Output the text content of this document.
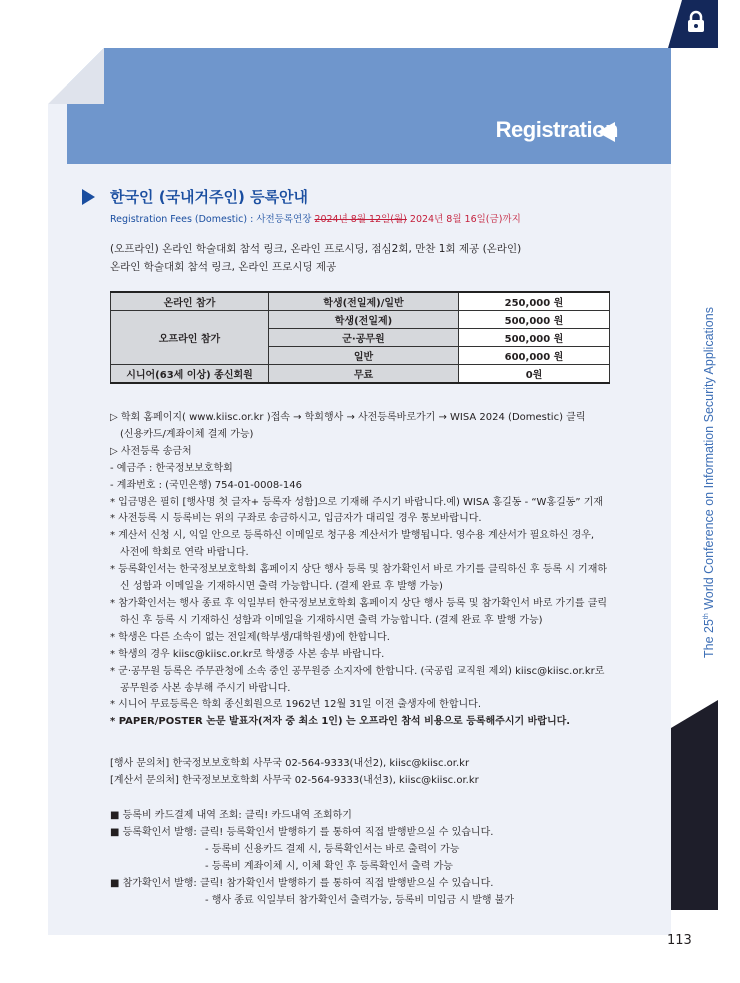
Registration
한국인 (국내거주인) 등록안내
Registration Fees (Domestic) : 사전등록연장 2024년 8월 12일(월) 2024년 8월 16일(금)까지
(오프라인) 온라인 학술대회 참석 링크, 온라인 프로시딩, 점심2회, 만찬 1회 제공 (온라인)
온라인 학술대회 참석 링크, 온라인 프로시딩 제공
온라인 참가	학생(전일제)/일반	250,000 원
오프라인 참가	학생(전일제)	500,000 원
	군·공무원	500,000 원
	일반	600,000 원
시니어(63세 이상) 종신회원	무료	0원

▷ 학회 홈페이지( www.kiisc.or.kr )접속 → 학회행사 → 사전등록바로가기 → WISA 2024 (Domestic) 클릭

(신용카드/계좌이체 결제 가능)

▷ 사전등록 송금처

- 예금주 : 한국정보보호학회

- 계좌번호 : (국민은행) 754-01-0008-146

* 입금명은 필히 [행사명 첫 글자+ 등록자 성함]으로 기재해 주시기 바랍니다.예) WISA 홍길동 - “W홍길동” 기재

* 사전등록 시 등록비는 위의 구좌로 송금하시고, 입금자가 대리일 경우 통보바랍니다.

* 계산서 신청 시, 익일 안으로 등록하신 이메일로 청구용 계산서가 발행됩니다. 영수용 계산서가 필요하신 경우,

사전에 학회로 연락 바랍니다.

* 등록확인서는 한국정보보호학회 홈페이지 상단 행사 등록 및 참가확인서 바로 가기를 클릭하신 후 등록 시 기재하

신 성함과 이메일을 기재하시면 출력 가능합니다. (결제 완료 후 발행 가능)

* 참가확인서는 행사 종료 후 익일부터 한국정보보호학회 홈페이지 상단 행사 등록 및 참가확인서 바로 가기를 클릭

하신 후 등록 시 기재하신 성함과 이메일을 기재하시면 출력 가능합니다. (결제 완료 후 발행 가능)

* 학생은 다른 소속이 없는 전일제(학부생/대학원생)에 한합니다.

* 학생의 경우 kiisc@kiisc.or.kr로 학생증 사본 송부 바랍니다.

* 군·공무원 등록은 주무관청에 소속 중인 공무원증 소지자에 한합니다. (국공립 교직원 제외) kiisc@kiisc.or.kr로

공무원증 사본 송부해 주시기 바랍니다.

* 시니어 무료등록은 학회 종신회원으로 1962년 12월 31일 이전 출생자에 한합니다.

* PAPER/POSTER 논문 발표자(저자 중 최소 1인) 는 오프라인 참석 비용으로 등록해주시기 바랍니다.

[행사 문의처] 한국정보보호학회 사무국 02-564-9333(내선2), kiisc@kiisc.or.kr

[계산서 문의처] 한국정보보호학회 사무국 02-564-9333(내선3), kiisc@kiisc.or.kr

■ 등록비 카드결제 내역 조회: 클릭! 카드내역 조회하기

■ 등록확인서 발행: 클릭! 등록확인서 발행하기 를 통하여 직접 발행받으실 수 있습니다.

- 등록비 신용카드 결제 시, 등록확인서는 바로 출력이 가능

- 등록비 계좌이체 시, 이체 확인 후 등록확인서 출력 가능

■ 참가확인서 발행: 클릭! 참가확인서 발행하기 를 통하여 직접 발행받으실 수 있습니다.

- 행사 종료 익일부터 참가확인서 출력가능, 등록비 미입금 시 발행 불가

The 25th World Conference on Information Security Applications
WISA 2024
113
